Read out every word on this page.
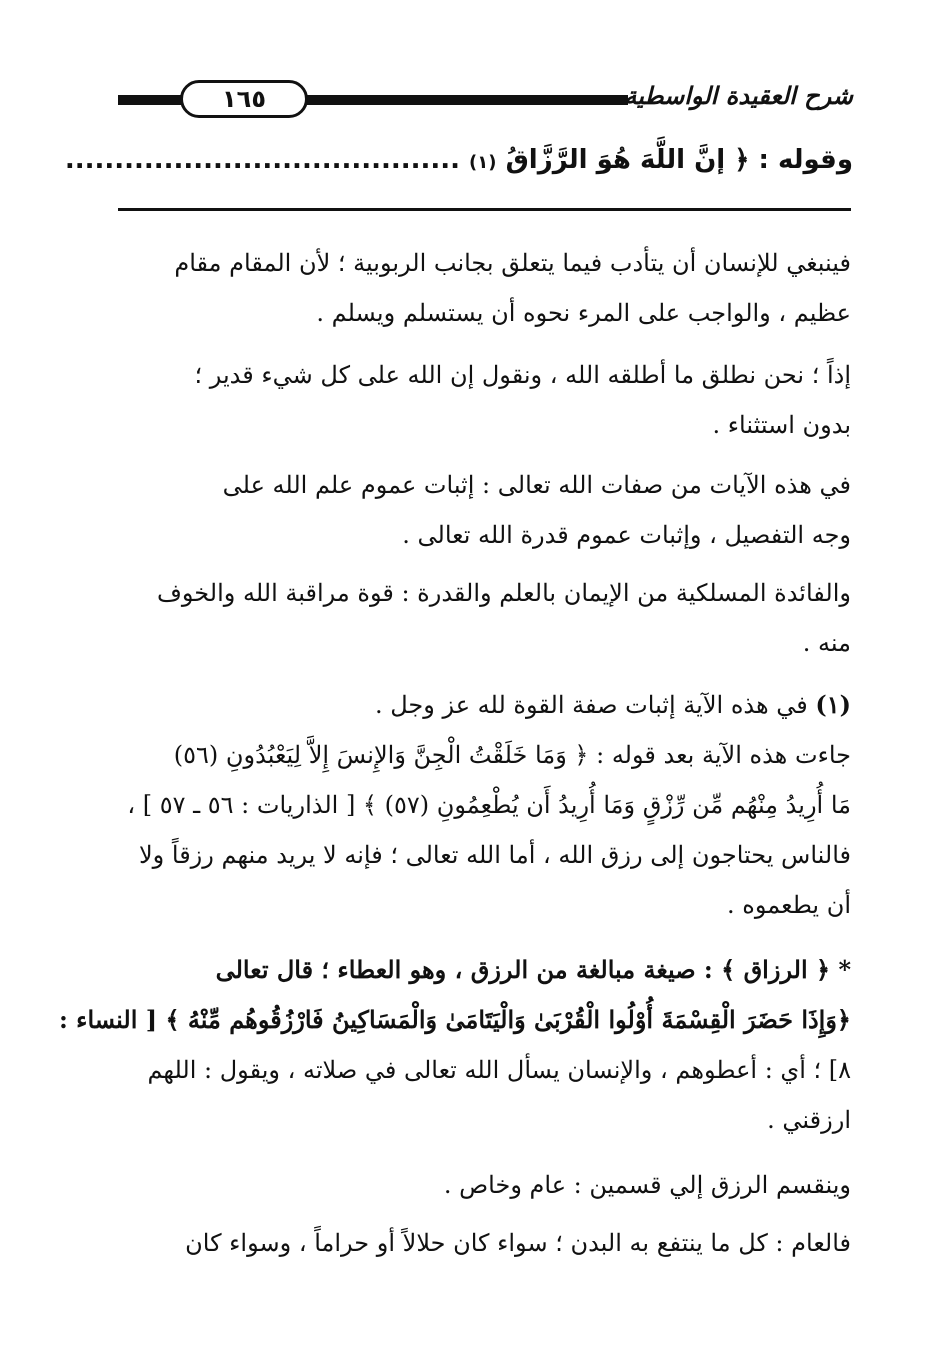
١٦٥	شرح العقيدة الواسطية
وقوله : ﴿ إنَّ اللَّهَ هُوَ الرَّزَّاقُ (١) ........................................
فينبغي للإنسان أن يتأدب فيما يتعلق بجانب الربوبية ؛ لأن المقام مقام
عظيم ، والواجب على المرء نحوه أن يستسلم ويسلم .
إذاً ؛ نحن نطلق ما أطلقه الله ، ونقول إن الله على كل شيء قدير ؛
بدون استثناء .
في هذه الآيات من صفات الله تعالى : إثبات عموم علم الله على
وجه التفصيل ، وإثبات عموم قدرة الله تعالى .
والفائدة المسلكية من الإيمان بالعلم والقدرة : قوة مراقبة الله والخوف
منه .
(١) في هذه الآية إثبات صفة القوة لله عز وجل .
جاءت هذه الآية بعد قوله : ﴿ وَمَا خَلَقْتُ الْجِنَّ وَالإِنسَ إِلاَّ لِيَعْبُدُونِ (٥٦)
مَا أُرِيدُ مِنْهُم مِّن رِّزْقٍ وَمَا أُرِيدُ أَن يُطْعِمُونِ (٥٧) ﴾ [ الذاريات : ٥٦ ـ ٥٧ ] ،
فالناس يحتاجون إلى رزق الله ، أما الله تعالى ؛ فإنه لا يريد منهم رزقاً ولا
أن يطعموه .
* ﴿ الرزاق ﴾ : صيغة مبالغة من الرزق ، وهو العطاء ؛ قال تعالى
﴿وَإِذَا حَضَرَ الْقِسْمَةَ أُوْلُوا الْقُرْبَىٰ وَالْيَتَامَىٰ وَالْمَسَاكِينُ فَارْزُقُوهُم مِّنْهُ ﴾ [ النساء :
٨] ؛ أي : أعطوهم ، والإنسان يسأل الله تعالى في صلاته ، ويقول : اللهم
ارزقني .
وينقسم الرزق إلي قسمين : عام وخاص .
فالعام : كل ما ينتفع به البدن ؛ سواء كان حلالاً أو حراماً ، وسواء كان
